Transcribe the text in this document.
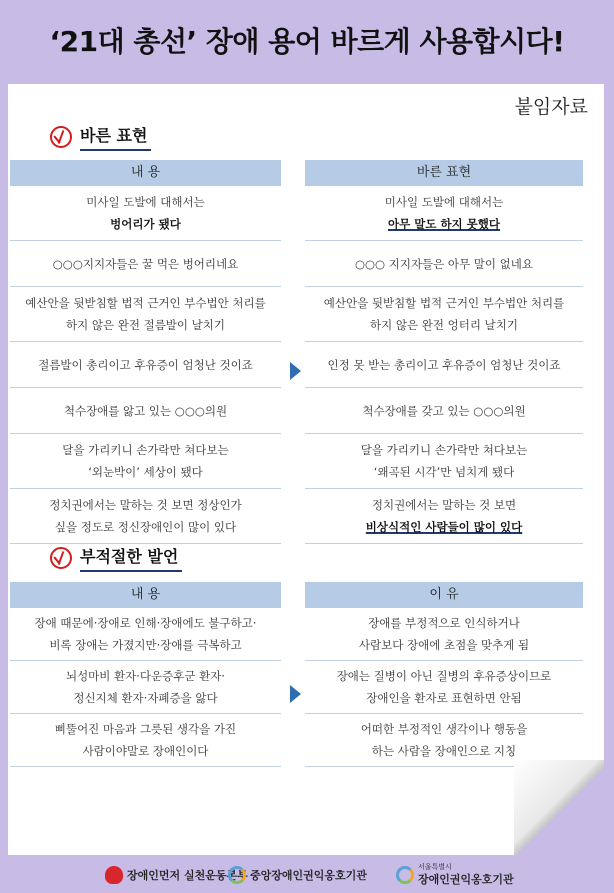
‘21대 총선’ 장애 용어 바르게 사용합시다!
붙임자료
바른 표현
내 용
미사일 도발에 대해서는
벙어리가 됐다
○○○지지자들은 꿀 먹은 벙어리네요
예산안을 뒷받침할 법적 근거인 부수법안 처리를
하지 않은 완전 절름발이 날치기
절름발이 총리이고 후유증이 엄청난 것이죠
척수장애를 앓고 있는 ○○○의원
달을 가리키니 손가락만 쳐다보는
‘외눈박이’ 세상이 됐다
정치권에서는 말하는 것 보면 정상인가
싶을 정도로 정신장애인이 많이 있다
바른 표현
미사일 도발에 대해서는
아무 말도 하지 못했다
○○○ 지지자들은 아무 말이 없네요
예산안을 뒷받침할 법적 근거인 부수법안 처리를
하지 않은 완전 엉터리 날치기
인정 못 받는 총리이고 후유증이 엄청난 것이죠
척수장애를 갖고 있는 ○○○의원
달을 가리키니 손가락만 쳐다보는
‘왜곡된 시각’만 넘치게 됐다
정치권에서는 말하는 것 보면
비상식적인 사람들이 많이 있다
부적절한 발언
내 용
장애 때문에·장애로 인해·장애에도 불구하고·
비록 장애는 가졌지만·장애를 극복하고
뇌성마비 환자·다운증후군 환자·
정신지체 환자·자폐증을 앓다
삐뚤어진 마음과 그릇된 생각을 가진
사람이야말로 장애인이다
이 유
장애를 부정적으로 인식하거나
사람보다 장애에 초점을 맞추게 됨
장애는 질병이 아닌 질병의 후유증상이므로
장애인을 환자로 표현하면 안됨
어떠한 부정적인 생각이나 행동을
하는 사람을 장애인으로 지칭
장애인먼저 실천운동본부 중앙장애인권익옹호기관
서울특별시
장애인권익옹호기관
